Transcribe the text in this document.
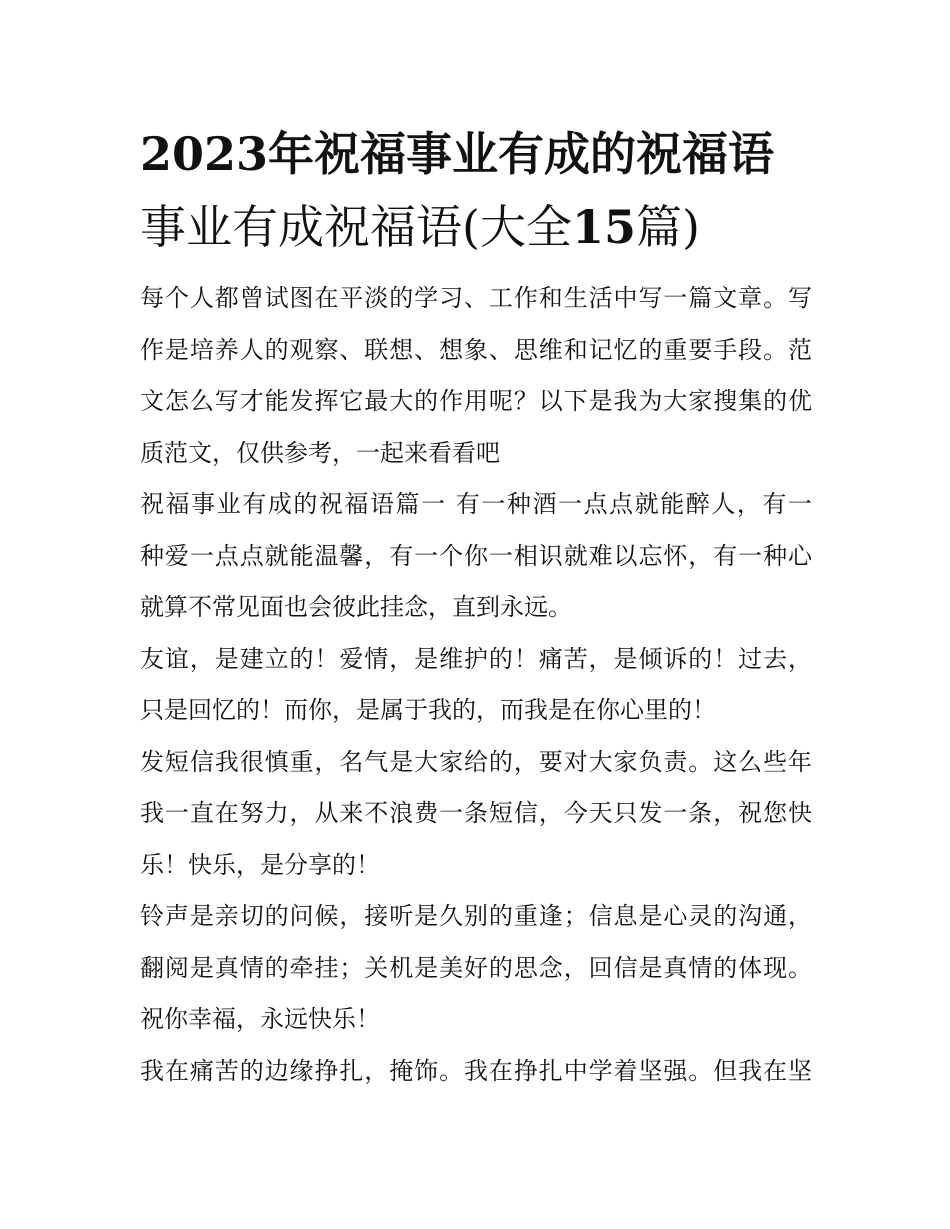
2023年祝福事业有成的祝福语
事业有成祝福语(大全15篇)

每个人都曾试图在平淡的学习、工作和生活中写一篇文章。写
作是培养人的观察、联想、想象、思维和记忆的重要手段。范
文怎么写才能发挥它最大的作用呢？以下是我为大家搜集的优
质范文，仅供参考，一起来看看吧

祝福事业有成的祝福语篇一 有一种酒一点点就能醉人，有一
种爱一点点就能温馨，有一个你一相识就难以忘怀，有一种心
就算不常见面也会彼此挂念，直到永远。

友谊，是建立的！爱情，是维护的！痛苦，是倾诉的！过去，
只是回忆的！而你，是属于我的，而我是在你心里的！

发短信我很慎重，名气是大家给的，要对大家负责。这么些年
我一直在努力，从来不浪费一条短信，今天只发一条，祝您快
乐！快乐，是分享的！

铃声是亲切的问候，接听是久别的重逢；信息是心灵的沟通，
翻阅是真情的牵挂；关机是美好的思念，回信是真情的体现。
祝你幸福，永远快乐！

我在痛苦的边缘挣扎，掩饰。我在挣扎中学着坚强。但我在坚
